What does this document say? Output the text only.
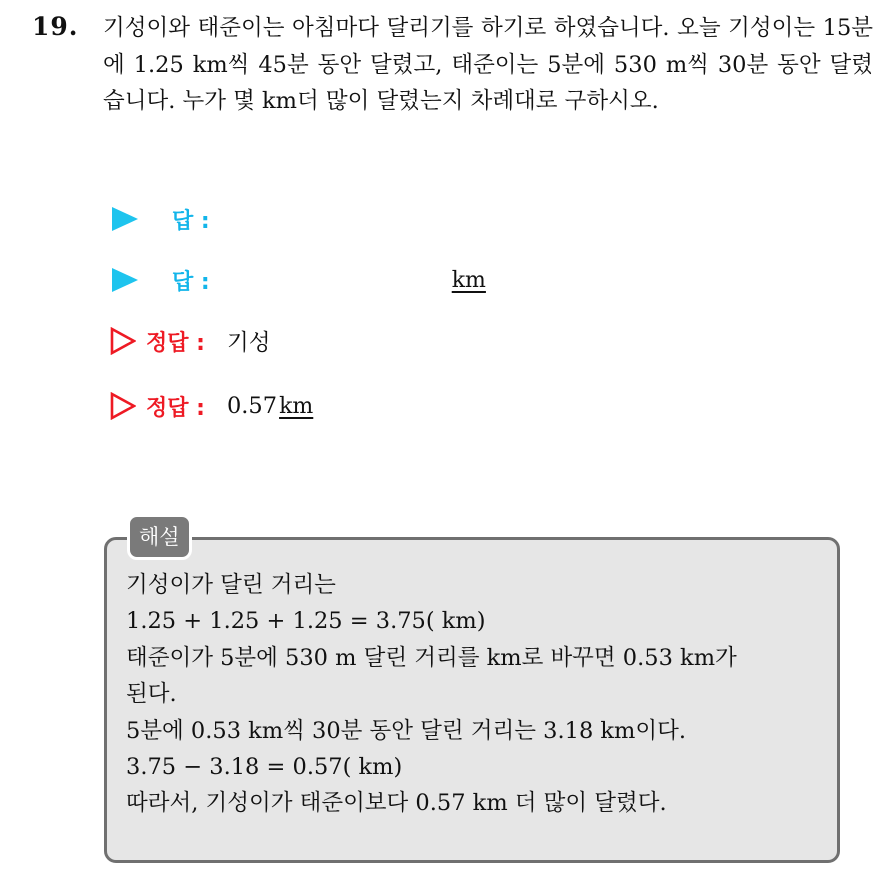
19. 기성이와 태준이는 아침마다 달리기를 하기로 하였습니다. 오늘 기성이는 15분에 1.25 km씩 45분 동안 달렸고, 태준이는 5분에 530 m씩 30분 동안 달렸습니다. 누가 몇 km더 많이 달렸는지 차례대로 구하시오.
답 :
답 :	km
정답 : 기성
정답 : 0.57 km
해설
기성이가 달린 거리는
1.25 + 1.25 + 1.25 = 3.75( km)
태준이가 5분에 530 m 달린 거리를 km로 바꾸면 0.53 km가
된다.
5분에 0.53 km씩 30분 동안 달린 거리는 3.18 km이다.
3.75 − 3.18 = 0.57( km)
따라서, 기성이가 태준이보다 0.57 km 더 많이 달렸다.
